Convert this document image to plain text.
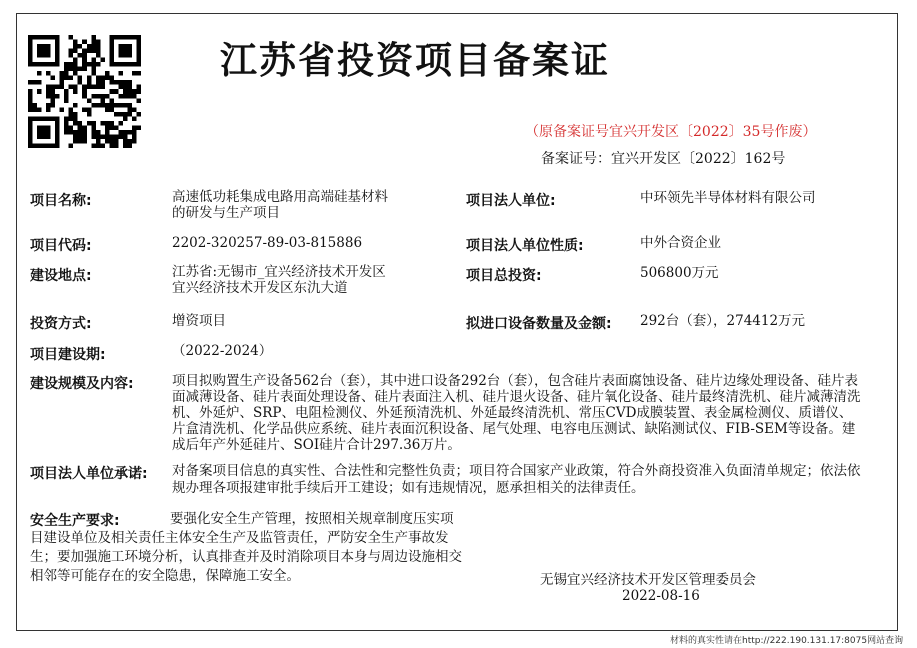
江苏省投资项目备案证
（原备案证号宜兴开发区〔2022〕35号作废）
备案证号：宜兴开发区〔2022〕162号
项目名称:	高速低功耗集成电路用高端硅基材料
的研发与生产项目
项目法人单位:	中环领先半导体材料有限公司
项目代码:	2202-320257-89-03-815886	项目法人单位性质:	中外合资企业
建设地点:	江苏省:无锡市_宜兴经济技术开发区
宜兴经济技术开发区东氿大道
项目总投资:	506800万元
投资方式:	增资项目	拟进口设备数量及金额: 292台（套），274412万元
项目建设期:	（2022-2024）
建设规模及内容:	项目拟购置生产设备562台（套），其中进口设备292台（套），包含硅片表面腐蚀设备、硅片边缘处理设备、硅片表面减薄设备、硅片表面处理设备、硅片表面注入机、硅片退火设备、硅片氧化设备、硅片最终清洗机、硅片减薄清洗机、外延炉、SRP、电阻检测仪、外延预清洗机、外延最终清洗机、常压CVD成膜装置、表金属检测仪、质谱仪、片盒清洗机、化学品供应系统、硅片表面沉积设备、尾气处理、电容电压测试、缺陷测试仪、FIB-SEM等设备。建成后年产外延硅片、SOI硅片合计297.36万片。
项目法人单位承诺: 对备案项目信息的真实性、合法性和完整性负责；项目符合国家产业政策，符合外商投资准入负面清单规定；依法依规办理各项报建审批手续后开工建设；如有违规情况，愿承担相关的法律责任。
安全生产要求:	要强化安全生产管理，按照相关规章制度压实项目建设单位及相关责任主体安全生产及监管责任，严防安全生产事故发生；要加强施工环境分析，认真排查并及时消除项目本身与周边设施相交相邻等可能存在的安全隐患，保障施工安全。	无锡宜兴经济技术开发区管理委员会
2022-08-16
材料的真实性请在http://222.190.131.17:8075网站查询
